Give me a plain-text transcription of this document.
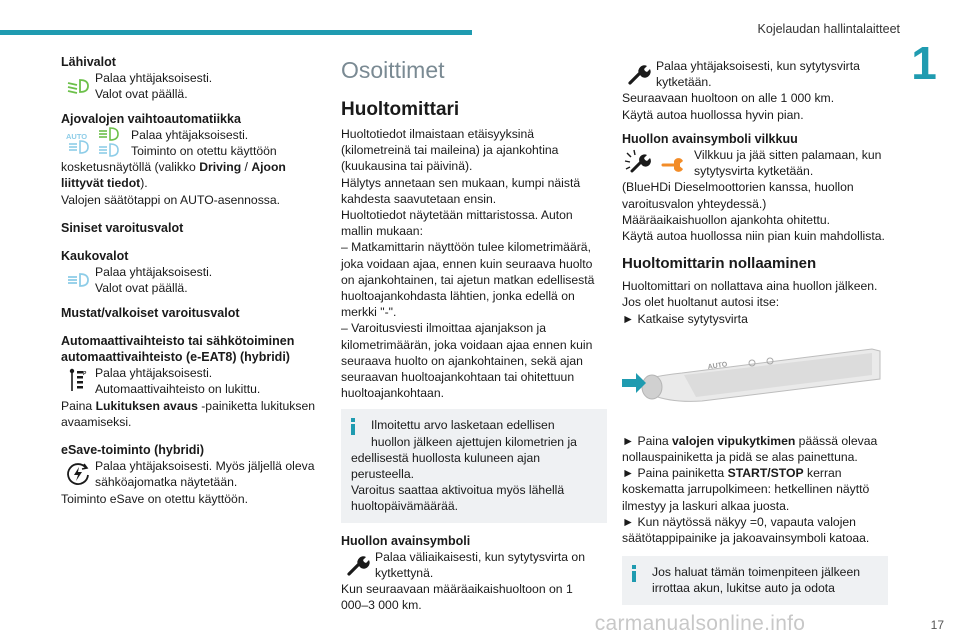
Kojelaudan hallintalaitteet
1
Lähivalot

Palaa yhtäjaksoisesti.

Valot ovat päällä.

Ajovalojen vaihtoautomatiikka
AUTO	Palaa yhtäjaksoisesti.

Toiminto on otettu käyttöön

kosketusnäytöllä (valikko Driving / Ajoon

liittyvät tiedot).

Valojen säätötappi on AUTO-asennossa.

Siniset varoitusvalot
Kaukovalot

Palaa yhtäjaksoisesti.

Valot ovat päällä.

Mustat/valkoiset varoitusvalot
Automaattivaihteisto tai sähkötoiminen
automaattivaihteisto (e-EAT8) (hybridi)
P Palaa yhtäjaksoisesti.

Automaattivaihteisto on lukittu.

Paina Lukituksen avaus -painiketta lukituksen

avaamiseksi.

eSave-toiminto (hybridi)

Palaa yhtäjaksoisesti. Myös jäljellä oleva

sähköajomatka näytetään.

Toiminto eSave on otettu käyttöön.

Osoittimet
Huoltomittari

Huoltotiedot ilmaistaan etäisyyksinä

(kilometreinä tai maileina) ja ajankohtina

(kuukausina tai päivinä).

Hälytys annetaan sen mukaan, kumpi näistä

kahdesta saavutetaan ensin.

Huoltotiedot näytetään mittaristossa. Auton

mallin mukaan:

– Matkamittarin näyttöön tulee kilometrimäärä,

joka voidaan ajaa, ennen kuin seuraava huolto

on ajankohtainen, tai ajetun matkan edellisestä

huoltoajankohdasta lähtien, jonka edellä on

merkki "-".

– Varoitusviesti ilmoittaa ajanjakson ja

kilometrimäärän, joka voidaan ajaa ennen kuin

seuraava huolto on ajankohtainen, sekä ajan

seuraavan huoltoajankohtaan tai ohitettuun

huoltoajankohtaan.

Ilmoitettu arvo lasketaan edellisen

huollon jälkeen ajettujen kilometrien ja

edellisestä huollosta kuluneen ajan

perusteella.

Varoitus saattaa aktivoitua myös lähellä

huoltopäivämäärää.

Huollon avainsymboli

Palaa väliaikaisesti, kun sytytysvirta on

kytkettynä.

Kun seuraavaan määräaikaishuoltoon on 1

000–3 000 km.

Palaa yhtäjaksoisesti, kun sytytysvirta

kytketään.

Seuraavaan huoltoon on alle 1 000 km.

Käytä autoa huollossa hyvin pian.

Huollon avainsymboli vilkkuu

Vilkkuu ja jää sitten palamaan, kun

sytytysvirta kytketään.

(BlueHDi Dieselmoottorien kanssa, huollon

varoitusvalon yhteydessä.)

Määräaikaishuollon ajankohta ohitettu.

Käytä autoa huollossa niin pian kuin mahdollista.

Huoltomittarin nollaaminen

Huoltomittari on nollattava aina huollon jälkeen.

Jos olet huoltanut autosi itse:

► Katkaise sytytysvirta

AUTO

► Paina valojen vipukytkimen päässä olevaa

nollauspainiketta ja pidä se alas painettuna.

► Paina painiketta START/STOP kerran

koskematta jarrupolkimeen: hetkellinen näyttö

ilmestyy ja laskuri alkaa juosta.

► Kun näytössä näkyy =0, vapauta valojen

säätötappipainike ja jakoavainsymboli katoaa.

Jos haluat tämän toimenpiteen jälkeen

irrottaa akun, lukitse auto ja odota

carmanualsonline.info	17
